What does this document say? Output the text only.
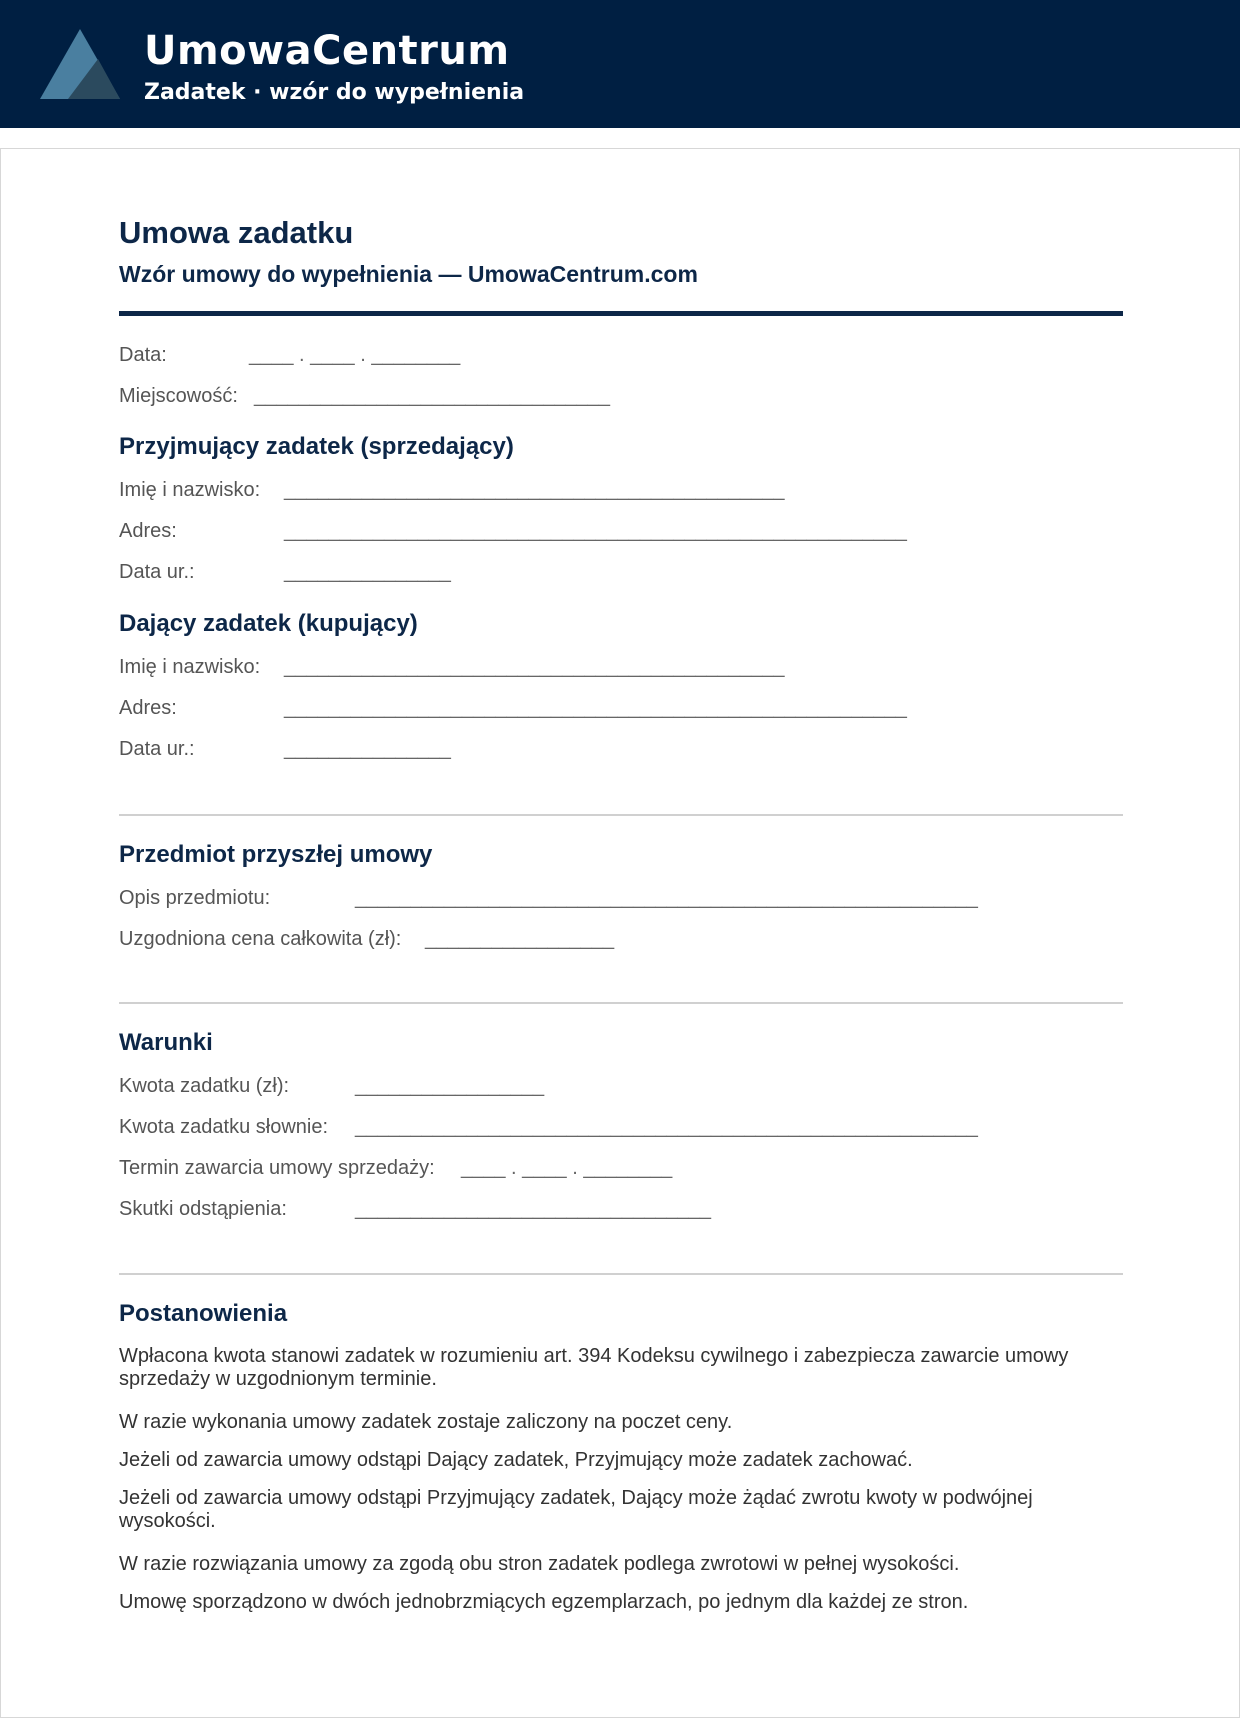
UmowaCentrum
Zadatek · wzór do wypełnienia
Umowa zadatku
Wzór umowy do wypełnienia — UmowaCentrum.com
Data:	____ . ____ . ________
Miejscowość: ________________________________
Przyjmujący zadatek (sprzedający)
Imię i nazwisko: _____________________________________________
Adres:	________________________________________________________
Data ur.:	_______________
Dający zadatek (kupujący)
Imię i nazwisko: _____________________________________________
Adres:	________________________________________________________
Data ur.:	_______________
Przedmiot przyszłej umowy
Opis przedmiotu:	________________________________________________________
Uzgodniona cena całkowita (zł): _________________
Warunki
Kwota zadatku (zł):	_________________
Kwota zadatku słownie: ________________________________________________________
Termin zawarcia umowy sprzedaży: ____ . ____ . ________
Skutki odstąpienia:	________________________________
Postanowienia
Wpłacona kwota stanowi zadatek w rozumieniu art. 394 Kodeksu cywilnego i zabezpiecza zawarcie umowy sprzedaży w uzgodnionym terminie.
W razie wykonania umowy zadatek zostaje zaliczony na poczet ceny.
Jeżeli od zawarcia umowy odstąpi Dający zadatek, Przyjmujący może zadatek zachować.
Jeżeli od zawarcia umowy odstąpi Przyjmujący zadatek, Dający może żądać zwrotu kwoty w podwójnej wysokości.
W razie rozwiązania umowy za zgodą obu stron zadatek podlega zwrotowi w pełnej wysokości.
Umowę sporządzono w dwóch jednobrzmiących egzemplarzach, po jednym dla każdej ze stron.
